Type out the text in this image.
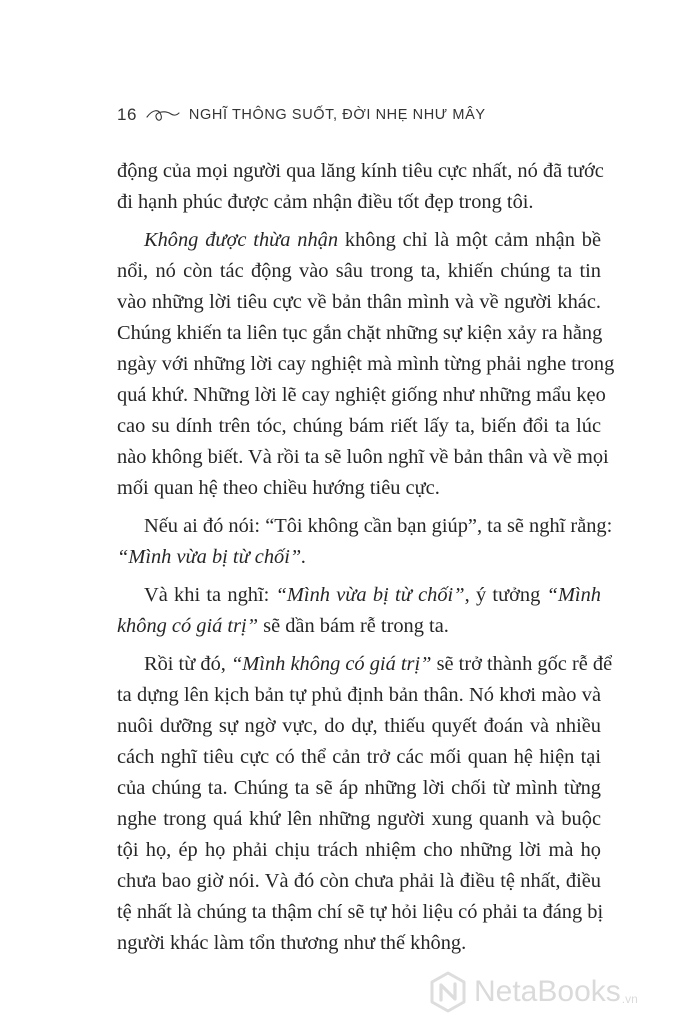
16	NGHĨ THÔNG SUỐT, ĐỜI NHẸ NHƯ MÂY
động của mọi người qua lăng kính tiêu cực nhất, nó đã tước
đi hạnh phúc được cảm nhận điều tốt đẹp trong tôi.
Không được thừa nhận không chỉ là một cảm nhận bề
nổi, nó còn tác động vào sâu trong ta, khiến chúng ta tin
vào những lời tiêu cực về bản thân mình và về người khác.
Chúng khiến ta liên tục gắn chặt những sự kiện xảy ra hằng
ngày với những lời cay nghiệt mà mình từng phải nghe trong
quá khứ. Những lời lẽ cay nghiệt giống như những mẩu kẹo
cao su dính trên tóc, chúng bám riết lấy ta, biến đổi ta lúc
nào không biết. Và rồi ta sẽ luôn nghĩ về bản thân và về mọi
mối quan hệ theo chiều hướng tiêu cực.
Nếu ai đó nói: “Tôi không cần bạn giúp”, ta sẽ nghĩ rằng:
“Mình vừa bị từ chối”.
Và khi ta nghĩ: “Mình vừa bị từ chối”, ý tưởng “Mình
không có giá trị” sẽ dần bám rễ trong ta.
Rồi từ đó, “Mình không có giá trị” sẽ trở thành gốc rễ để
ta dựng lên kịch bản tự phủ định bản thân. Nó khơi mào và
nuôi dưỡng sự ngờ vực, do dự, thiếu quyết đoán và nhiều
cách nghĩ tiêu cực có thể cản trở các mối quan hệ hiện tại
của chúng ta. Chúng ta sẽ áp những lời chối từ mình từng
nghe trong quá khứ lên những người xung quanh và buộc
tội họ, ép họ phải chịu trách nhiệm cho những lời mà họ
chưa bao giờ nói. Và đó còn chưa phải là điều tệ nhất, điều
tệ nhất là chúng ta thậm chí sẽ tự hỏi liệu có phải ta đáng bị
người khác làm tổn thương như thế không.
NetaBooks .vn
